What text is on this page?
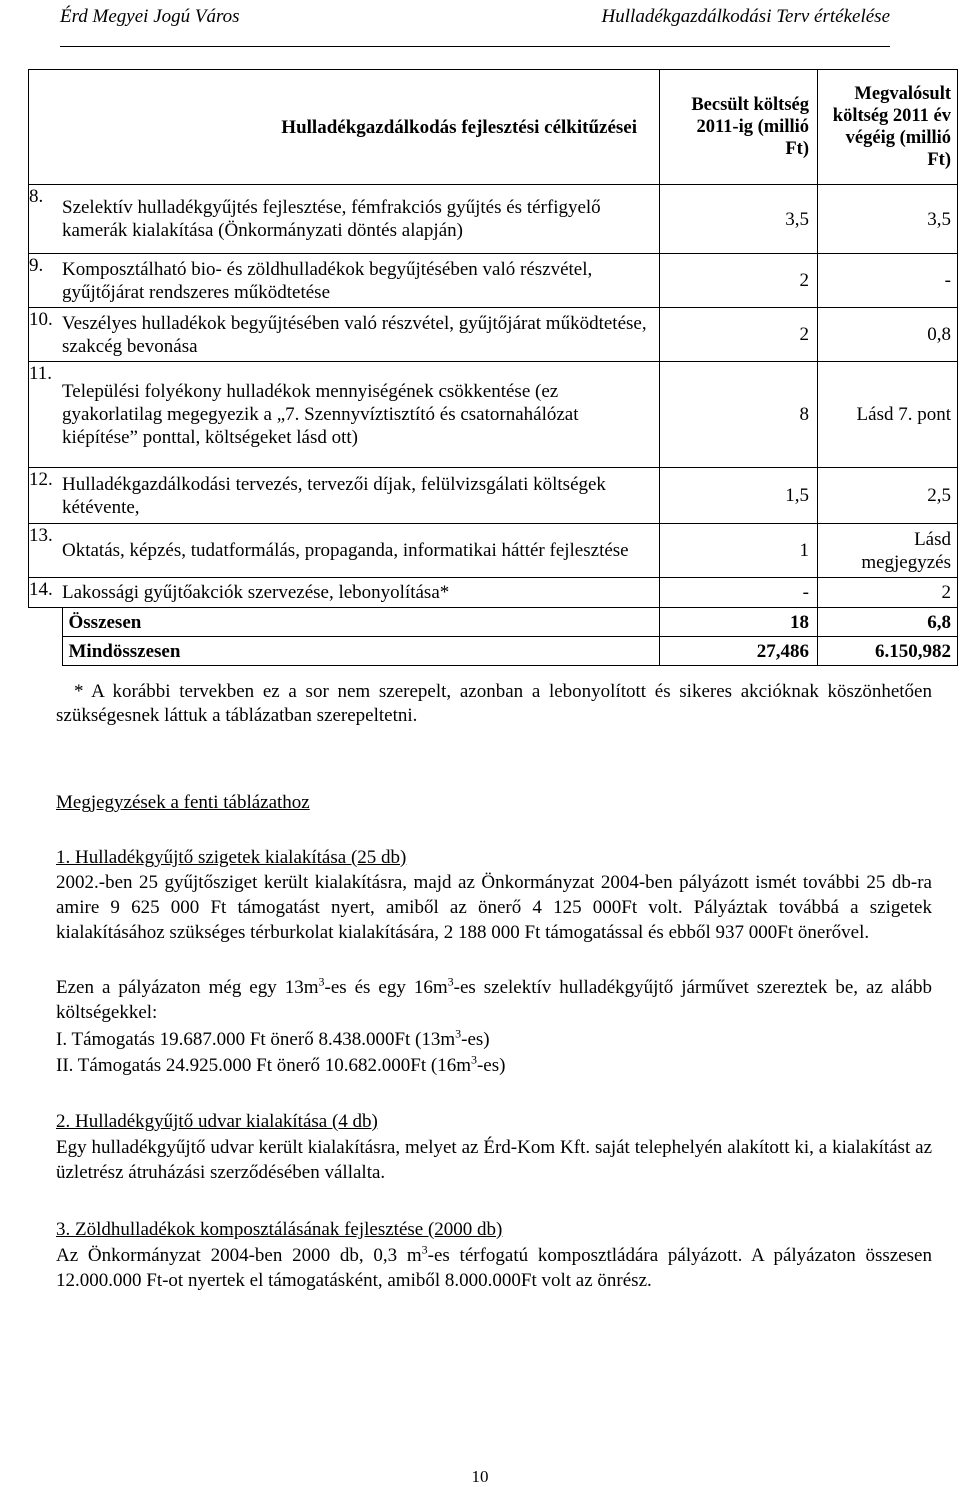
Érd Megyei Jogú Város	Hulladékgazdálkodási Terv értékelése
Hulladékgazdálkodás fejlesztési célkitűzései		Becsült költség 2011-ig (millió Ft)	Megvalósult költség 2011 év végéig (millió Ft)
8.	Szelektív hulladékgyűjtés fejlesztése, fémfrakciós gyűjtés és térfigyelő kamerák kialakítása (Önkormányzati döntés alapján)	3,5	3,5
9.	Komposztálható bio- és zöldhulladékok begyűjtésében való részvétel, gyűjtőjárat rendszeres működtetése	2	-
10.	Veszélyes hulladékok begyűjtésében való részvétel, gyűjtőjárat működtetése, szakcég bevonása	2	0,8
11.	Települési folyékony hulladékok mennyiségének csökkentése (ez gyakorlatilag megegyezik a „7. Szennyvíztisztító és csatornahálózat kiépítése” ponttal, költségeket lásd ott)	8	Lásd 7. pont
12.	Hulladékgazdálkodási tervezés, tervezői díjak, felülvizsgálati költségek kétévente,	1,5	2,5
13.	Oktatás, képzés, tudatformálás, propaganda, informatikai háttér fejlesztése	1	Lásd megjegyzés
14.	Lakossági gyűjtőakciók szervezése, lebonyolítása*	-	2
	Összesen	18	6,8
	Mindösszesen	27,486	6.150,982
* A korábbi tervekben ez a sor nem szerepelt, azonban a lebonyolított és sikeres akcióknak köszönhetően szükségesnek láttuk a táblázatban szerepeltetni.
Megjegyzések a fenti táblázathoz
1. Hulladékgyűjtő szigetek kialakítása (25 db)
2002.-ben 25 gyűjtősziget került kialakításra, majd az Önkormányzat 2004-ben pályázott ismét további 25 db-ra amire 9 625 000 Ft támogatást nyert, amiből az önerő 4 125 000Ft volt. Pályáztak továbbá a szigetek kialakításához szükséges térburkolat kialakítására, 2 188 000 Ft támogatással és ebből 937 000Ft önerővel.
Ezen a pályázaton még egy $13m^3-es$ és egy $16m^3-es$ szelektív hulladékgyűjtő járművet szereztek be, az alább költségekkel:
I. Támogatás 19.687.000 Ft önerő 8.438.000Ft $(13m^3-es)$
II. Támogatás 24.925.000 Ft önerő 10.682.000Ft $(16m^3-es)$
2. Hulladékgyűjtő udvar kialakítása (4 db)
Egy hulladékgyűjtő udvar került kialakításra, melyet az Érd-Kom Kft. saját telephelyén alakított ki, a kialakítást az üzletrész átruházási szerződésében vállalta.
3. Zöldhulladékok komposztálásának fejlesztése (2000 db)
Az Önkormányzat 2004-ben 2000 db, 0,3 $m^3-es$ térfogatú komposztládára pályázott. A pályázaton összesen 12.000.000 Ft-ot nyertek el támogatásként, amiből 8.000.000Ft volt az önrész.
10
